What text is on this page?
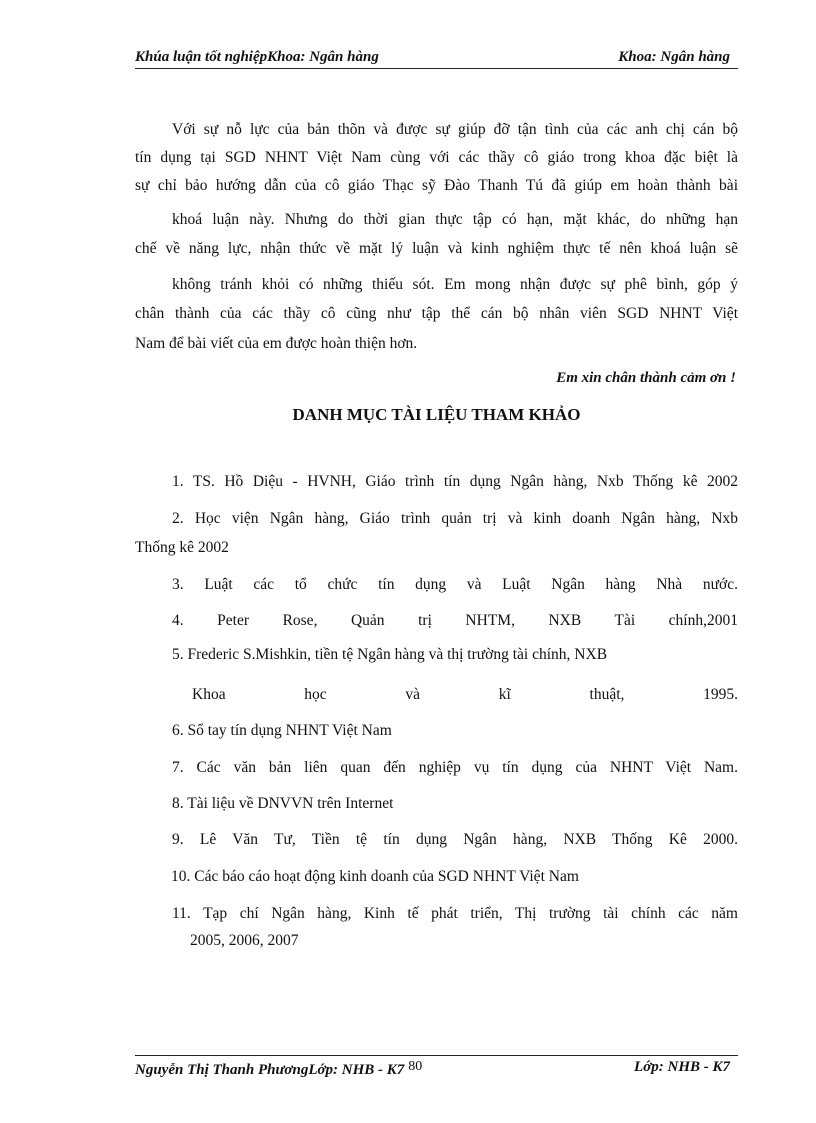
Khúa luận tốt nghiệpKhoa: Ngân hàng	Khoa: Ngân hàng
Với sự nỗ lực của bản thõn và được sự giúp đỡ tận tình của các anh chị cán bộ
tín dụng tại SGD NHNT Việt Nam cùng với các thầy cô giáo trong khoa đặc biệt là
sự chỉ bảo hướng dẫn của cô giáo Thạc sỹ Đào Thanh Tú đã giúp em hoàn thành bài
khoá luận này. Nhưng do thời gian thực tập có hạn, mặt khác, do những hạn
chế về năng lực, nhận thức về mặt lý luận và kinh nghiệm thực tế nên khoá luận sẽ
không tránh khỏi có những thiếu sót. Em mong nhận được sự phê bình, góp ý
chân thành của các thầy cô cũng như tập thể cán bộ nhân viên SGD NHNT Việt
Nam để bài viết của em được hoàn thiện hơn.
Em xin chân thành cảm ơn !
DANH MỤC TÀI LIỆU THAM KHẢO
1. TS. Hồ Diệu - HVNH, Giáo trình tín dụng Ngân hàng, Nxb Thống kê 2002
2. Học viện Ngân hàng, Giáo trình quản trị và kinh doanh Ngân hàng, Nxb
Thống kê 2002
3. Luật các tổ chức tín dụng và Luật Ngân hàng Nhà nước.
4. Peter Rose, Quản trị NHTM, NXB Tài chính,2001
5. Frederic S.Mishkin, tiền tệ Ngân hàng và thị trường tài chính, NXB
Khoa học và kĩ thuật, 1995.
6. Sổ tay tín dụng NHNT Việt Nam
7. Các văn bản liên quan đến nghiệp vụ tín dụng của NHNT Việt Nam.
8. Tài liệu về DNVVN trên Internet
9. Lê Văn Tư, Tiền tệ tín dụng Ngân hàng, NXB Thống Kê 2000.
10. Các báo cáo hoạt động kinh doanh của SGD NHNT Việt Nam
11. Tạp chí Ngân hàng, Kinh tế phát triển, Thị trường tài chính các năm
2005, 2006, 2007
Nguyễn Thị Thanh PhươngLớp: NHB - K7 80	Lớp: NHB - K7
